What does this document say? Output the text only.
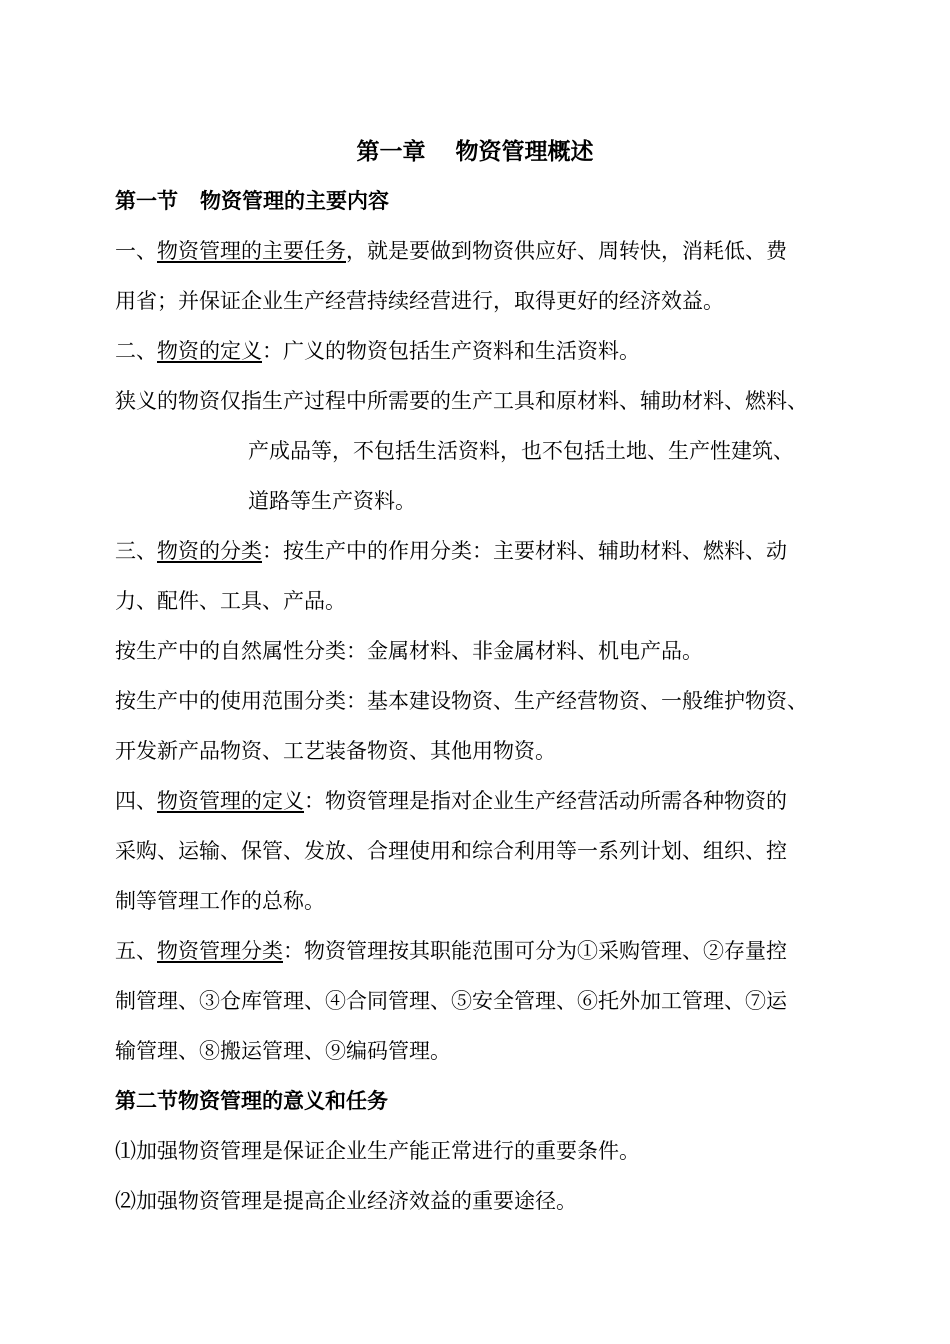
第一章 物资管理概述
第一节 物资管理的主要内容
一、物资管理的主要任务，就是要做到物资供应好、周转快，消耗低、费
用省；并保证企业生产经营持续经营进行，取得更好的经济效益。
二、物资的定义：广义的物资包括生产资料和生活资料。
狭义的物资仅指生产过程中所需要的生产工具和原材料、辅助材料、燃料、
产成品等，不包括生活资料，也不包括土地、生产性建筑、
道路等生产资料。
三、物资的分类：按生产中的作用分类：主要材料、辅助材料、燃料、动
力、配件、工具、产品。
按生产中的自然属性分类：金属材料、非金属材料、机电产品。
按生产中的使用范围分类：基本建设物资、生产经营物资、一般维护物资、
开发新产品物资、工艺装备物资、其他用物资。
四、物资管理的定义：物资管理是指对企业生产经营活动所需各种物资的
采购、运输、保管、发放、合理使用和综合利用等一系列计划、组织、控
制等管理工作的总称。
五、物资管理分类：物资管理按其职能范围可分为①采购管理、②存量控
制管理、③仓库管理、④合同管理、⑤安全管理、⑥托外加工管理、⑦运
输管理、⑧搬运管理、⑨编码管理。
第二节物资管理的意义和任务
⑴加强物资管理是保证企业生产能正常进行的重要条件。
⑵加强物资管理是提高企业经济效益的重要途径。
